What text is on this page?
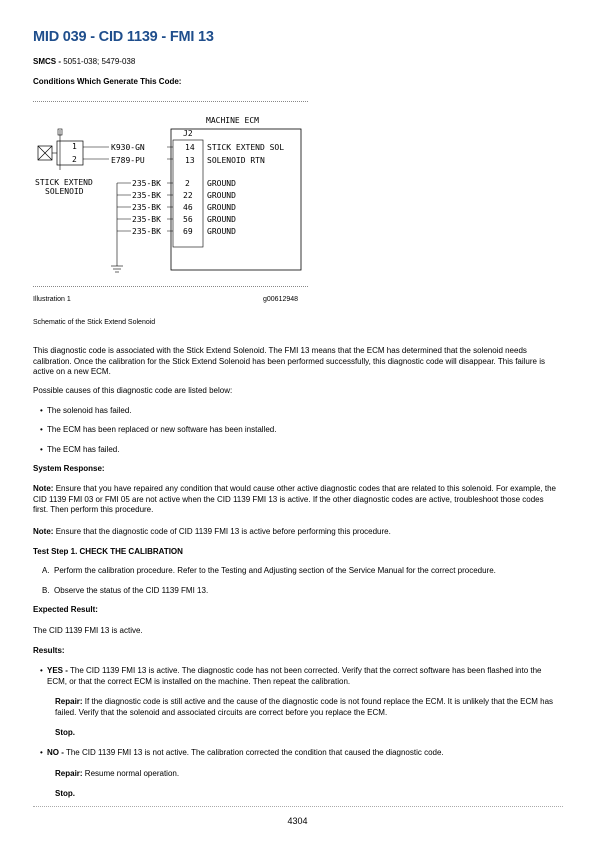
MID 039 - CID 1139 - FMI 13

SMCS - 5051-038; 5479-038

Conditions Which Generate This Code:

MACHINE ECM
J2
1
2
STICK EXTEND
SOLENOID
K930-GN
E789-PU
14
13
STICK EXTEND SOL
SOLENOID RTN
235-BK
235-BK
235-BK
235-BK
235-BK
2
22
46
56
69
GROUND
GROUND
GROUND
GROUND
GROUND

Illustration 1	g00612948

Schematic of the Stick Extend Solenoid

This diagnostic code is associated with the Stick Extend Solenoid. The FMI 13 means that the ECM has determined that the solenoid needs calibration. Once the calibration for the Stick Extend Solenoid has been performed successfully, this diagnostic code will disappear. This failure is active on a new ECM.

Possible causes of this diagnostic code are listed below:

• The solenoid has failed.
• The ECM has been replaced or new software has been installed.
• The ECM has failed.

System Response:

Note: Ensure that you have repaired any condition that would cause other active diagnostic codes that are related to this solenoid. For example, the CID 1139 FMI 03 or FMI 05 are not active when the CID 1139 FMI 13 is active. If the other diagnostic codes are active, troubleshoot those codes first. Then perform this procedure.

Note: Ensure that the diagnostic code of CID 1139 FMI 13 is active before performing this procedure.

Test Step 1. CHECK THE CALIBRATION

A. Perform the calibration procedure. Refer to the Testing and Adjusting section of the Service Manual for the correct procedure.
B. Observe the status of the CID 1139 FMI 13.

Expected Result:

The CID 1139 FMI 13 is active.

Results:

• YES - The CID 1139 FMI 13 is active. The diagnostic code has not been corrected. Verify that the correct software has been flashed into the ECM, or that the correct ECM is installed on the machine. Then repeat the calibration.

Repair: If the diagnostic code is still active and the cause of the diagnostic code is not found replace the ECM. It is unlikely that the ECM has failed. Verify that the solenoid and associated circuits are correct before you replace the ECM.

Stop.

• NO - The CID 1139 FMI 13 is not active. The calibration corrected the condition that caused the diagnostic code.

Repair: Resume normal operation.

Stop.

4304
